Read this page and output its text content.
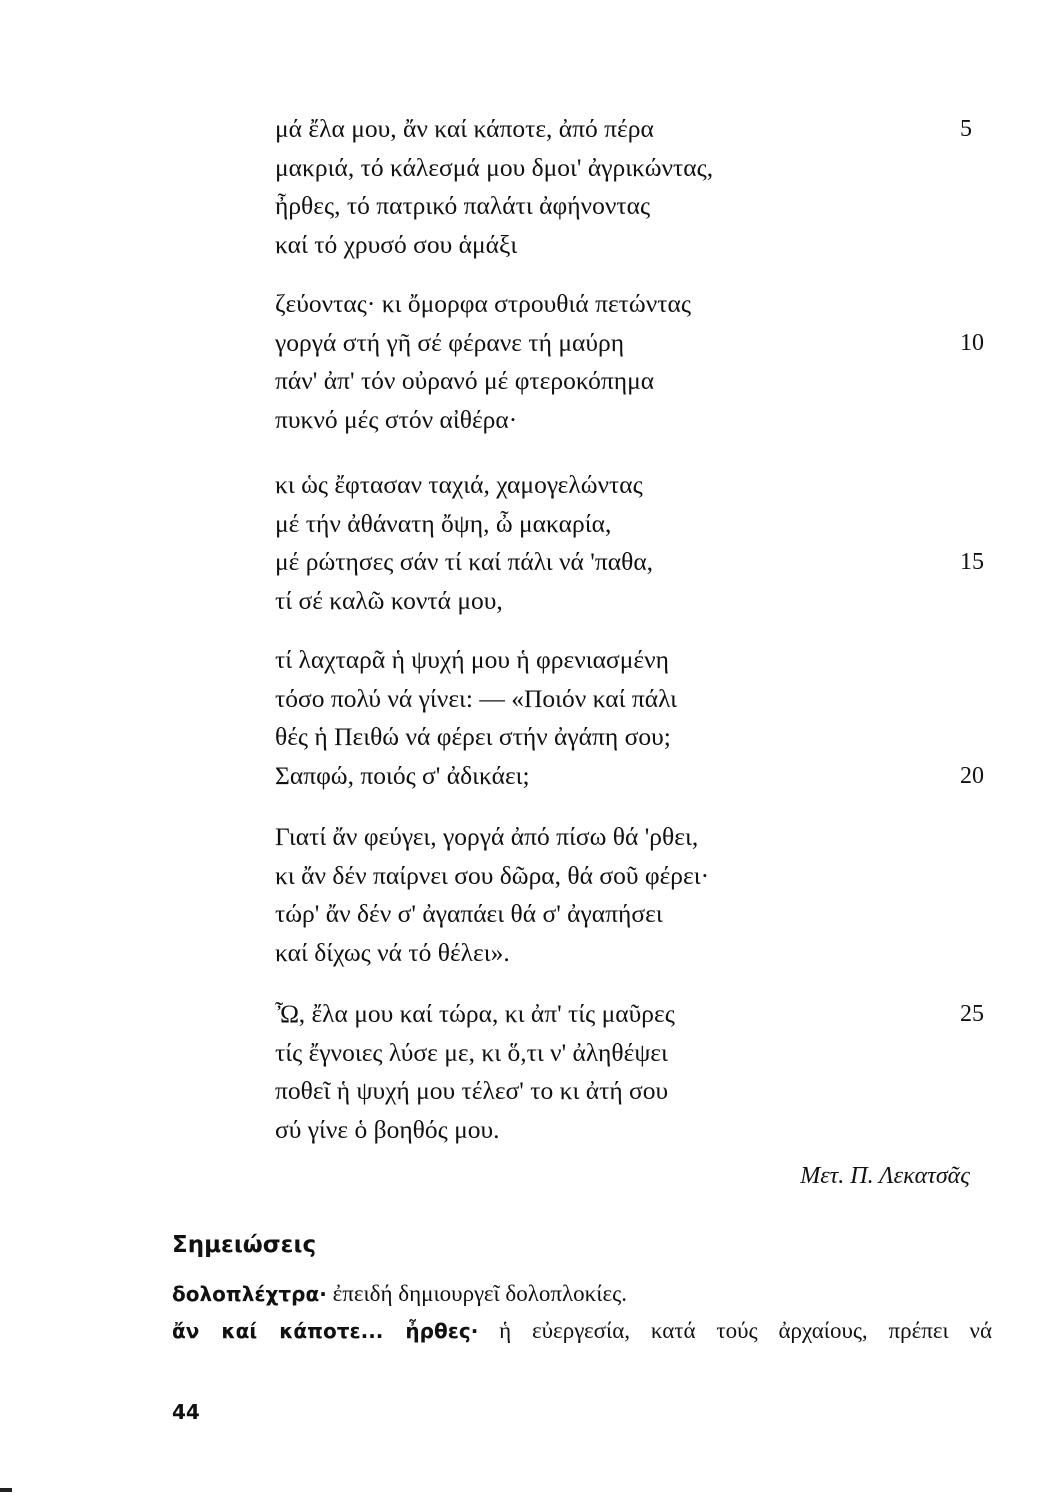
μά ἔλα μου, ἄν καί κάποτε, ἀπό πέρα
μακριά, τό κάλεσμά μου δμοι' ἀγρικώντας,
ἦρθες, τό πατρικό παλάτι ἀφήνοντας
καί τό χρυσό σου ἁμάξι
ζεύοντας· κι ὄμορφα στρουθιά πετώντας
γοργά στή γῆ σέ φέρανε τή μαύρη
πάν' ἀπ' τόν οὐρανό μέ φτεροκόπημα
πυκνό μές στόν αἰθέρα·
κι ὡς ἔφτασαν ταχιά, χαμογελώντας
μέ τήν ἀθάνατη ὄψη, ὦ μακαρία,
μέ ρώτησες σάν τί καί πάλι νά 'παθα,
τί σέ καλῶ κοντά μου,
τί λαχταρᾶ ἡ ψυχή μου ἡ φρενιασμένη
τόσο πολύ νά γίνει: — «Ποιόν καί πάλι
θές ἡ Πειθώ νά φέρει στήν ἀγάπη σου;
Σαπφώ, ποιός σ' ἀδικάει;
Γιατί ἄν φεύγει, γοργά ἀπό πίσω θά 'ρθει,
κι ἄν δέν παίρνει σου δῶρα, θά σοῦ φέρει·
τώρ' ἄν δέν σ' ἀγαπάει θά σ' ἀγαπήσει
καί δίχως νά τό θέλει».
Ὦ, ἔλα μου καί τώρα, κι ἀπ' τίς μαῦρες
τίς ἔγνοιες λύσε με, κι ὅ,τι ν' ἀληθέψει
ποθεῖ ἡ ψυχή μου τέλεσ' το κι ἀτή σου
σύ γίνε ὁ βοηθός μου.
5
10
15
20
25
Μετ. Π. Λεκατσᾶς
Σημειώσεις
δολοπλέχτρα· ἐπειδή δημιουργεῖ δολοπλοκίες.
ἄν καί κάποτε... ἦρθες· ἡ εὐεργεσία, κατά τούς ἀρχαίους, πρέπει νά
44
